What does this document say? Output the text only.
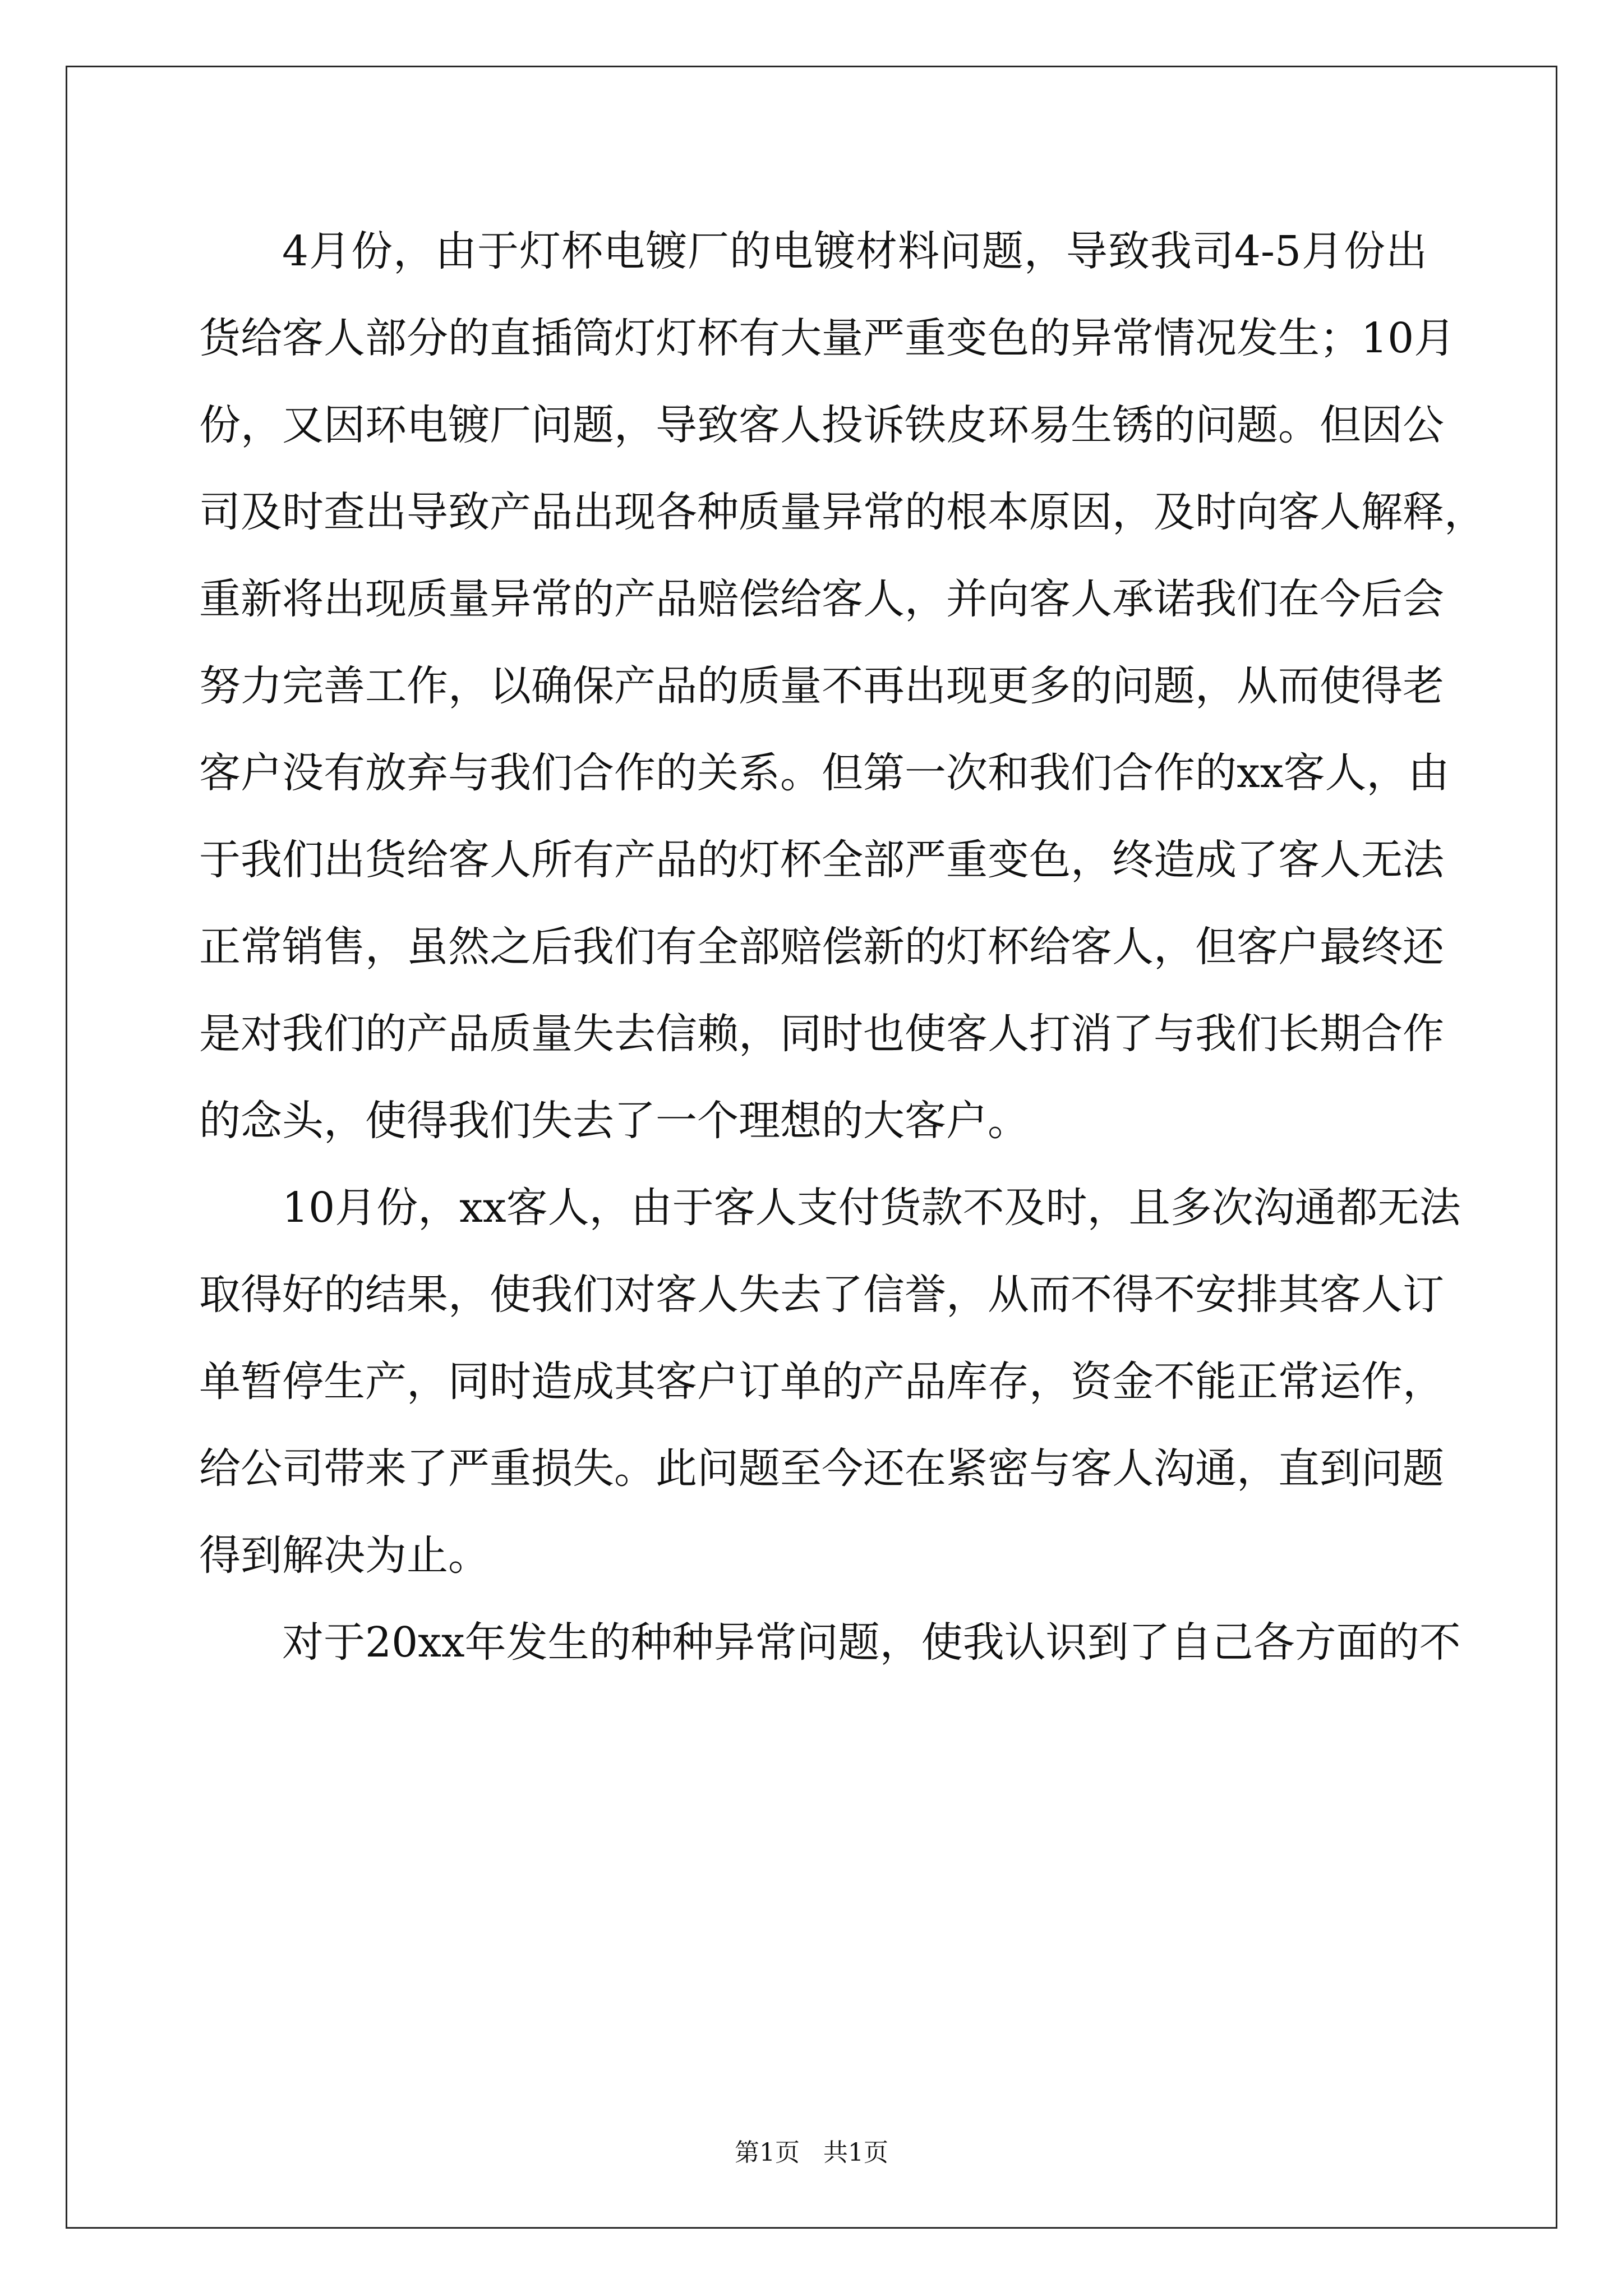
4月份，由于灯杯电镀厂的电镀材料问题，导致我司4-5月份出
货给客人部分的直插筒灯灯杯有大量严重变色的异常情况发生；10月
份，又因环电镀厂问题，导致客人投诉铁皮环易生锈的问题。但因公
司及时查出导致产品出现各种质量异常的根本原因，及时向客人解释，
重新将出现质量异常的产品赔偿给客人，并向客人承诺我们在今后会
努力完善工作，以确保产品的质量不再出现更多的问题，从而使得老
客户没有放弃与我们合作的关系。但第一次和我们合作的xx客人，由
于我们出货给客人所有产品的灯杯全部严重变色，终造成了客人无法
正常销售，虽然之后我们有全部赔偿新的灯杯给客人，但客户最终还
是对我们的产品质量失去信赖，同时也使客人打消了与我们长期合作
的念头，使得我们失去了一个理想的大客户。
10月份，xx客人，由于客人支付货款不及时，且多次沟通都无法
取得好的结果，使我们对客人失去了信誉，从而不得不安排其客人订
单暂停生产，同时造成其客户订单的产品库存，资金不能正常运作，
给公司带来了严重损失。此问题至今还在紧密与客人沟通，直到问题
得到解决为止。
对于20xx年发生的种种异常问题，使我认识到了自己各方面的不
第1页   共1页
